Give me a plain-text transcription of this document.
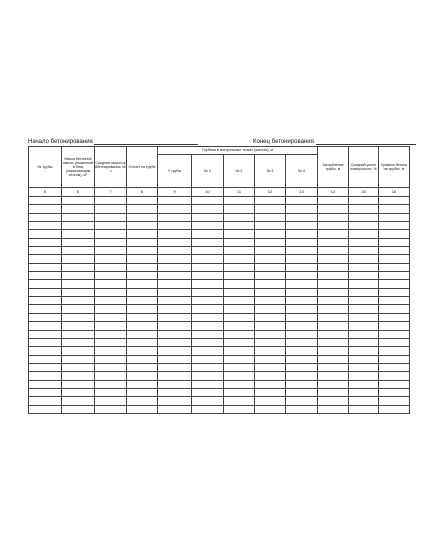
Начало бетонирования	Конец бетонирования
№ трубы	Масса бетонной смеси, уложенной в блок (нарастающим итогом), м³	Средняя скорость бетонирования, м/ч	Отсчет по трубе	Глубина в контрольных точках (шахтах), м					Заглубление трубы, м	Средний уклон поверхности, %	Уровень бетона на трубах, м
				У трубы	№ 1	№ 2	№ 3	№ 4			
5	6	7	8	9	10	11	12	13	14	15	16
